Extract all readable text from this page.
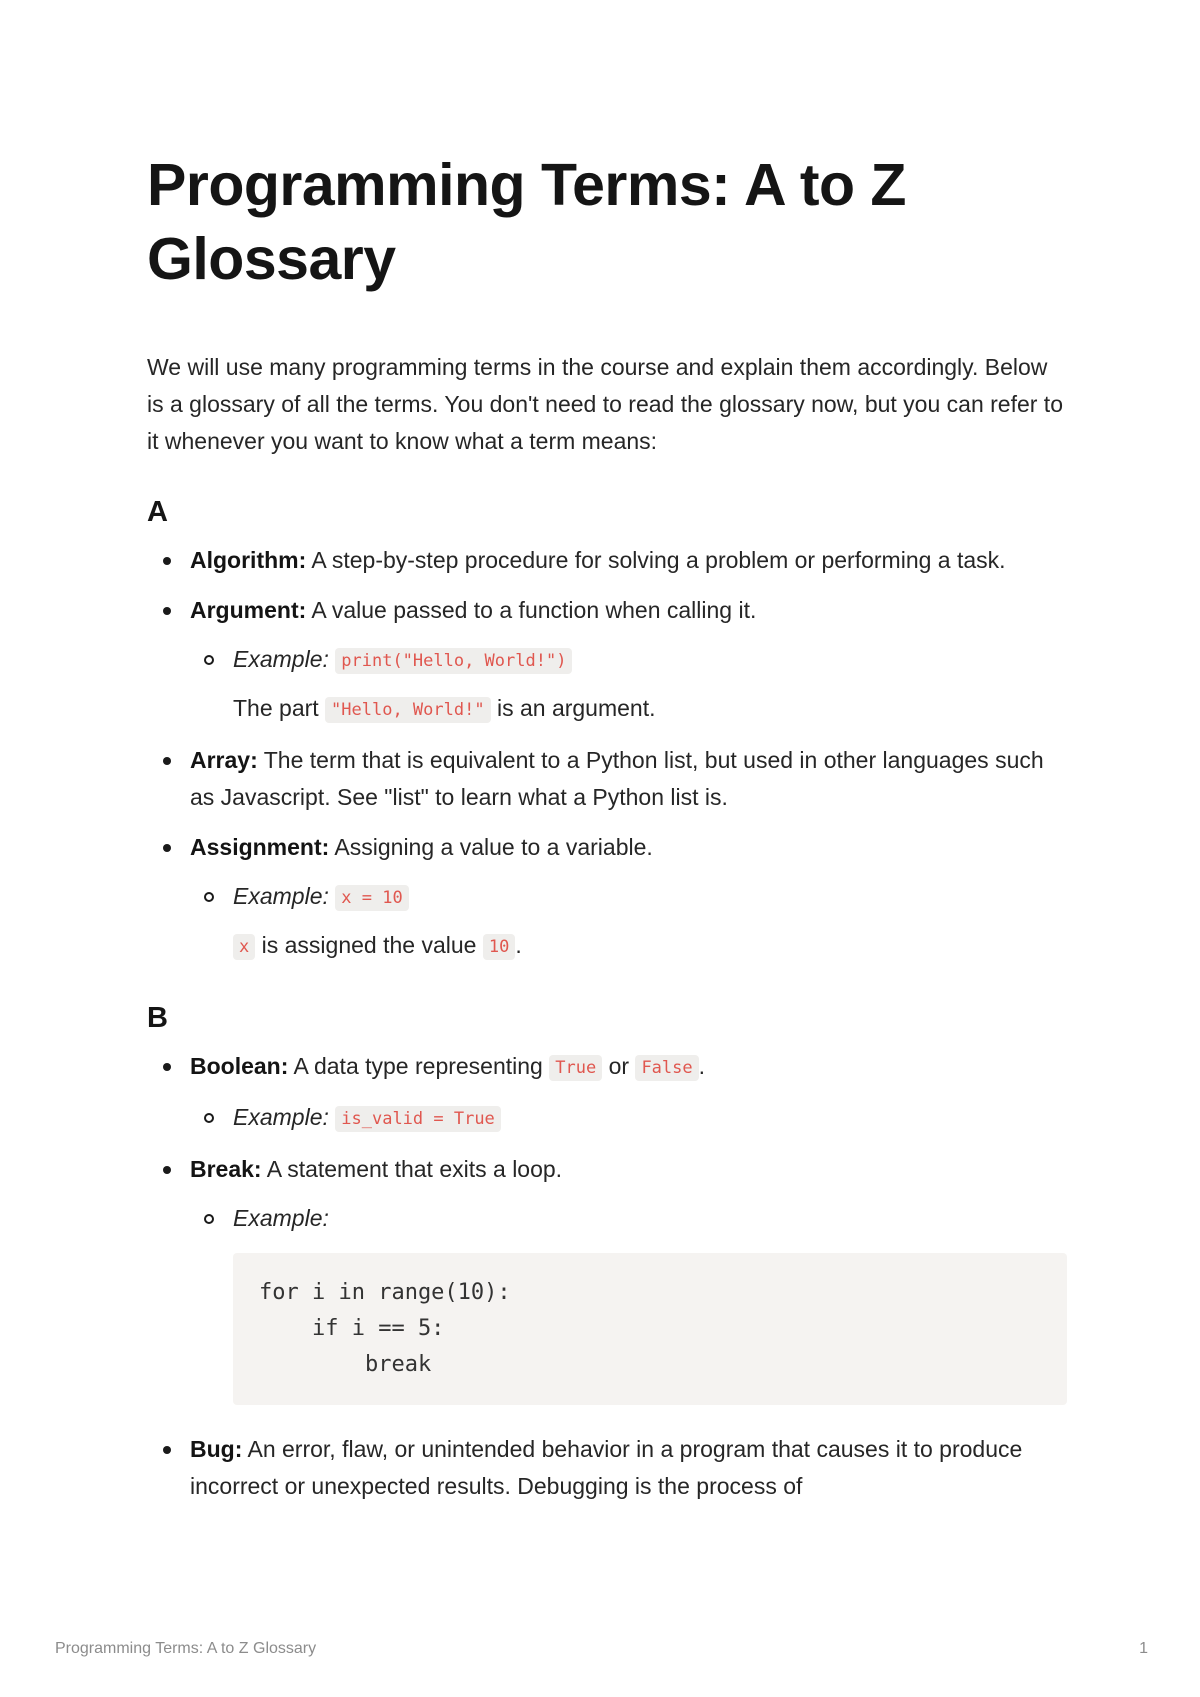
Programming Terms: A to Z Glossary

We will use many programming terms in the course and explain them accordingly. Below is a glossary of all the terms. You don't need to read the glossary now, but you can refer to it whenever you want to know what a term means:

A
Algorithm: A step-by-step procedure for solving a problem or performing a task.
Argument: A value passed to a function when calling it.
Example: print("Hello, World!")
The part "Hello, World!" is an argument.
Array: The term that is equivalent to a Python list, but used in other languages such as Javascript. See "list" to learn what a Python list is.
Assignment: Assigning a value to a variable.
Example: x = 10
x is assigned the value 10 .
B
Boolean: A data type representing True or False .
Example: is_valid = True
Break: A statement that exits a loop.
Example:
for i in range(10):
if i == 5:
break
Bug: An error, flaw, or unintended behavior in a program that causes it to produce incorrect or unexpected results. Debugging is the process of
Programming Terms: A to Z Glossary	1
